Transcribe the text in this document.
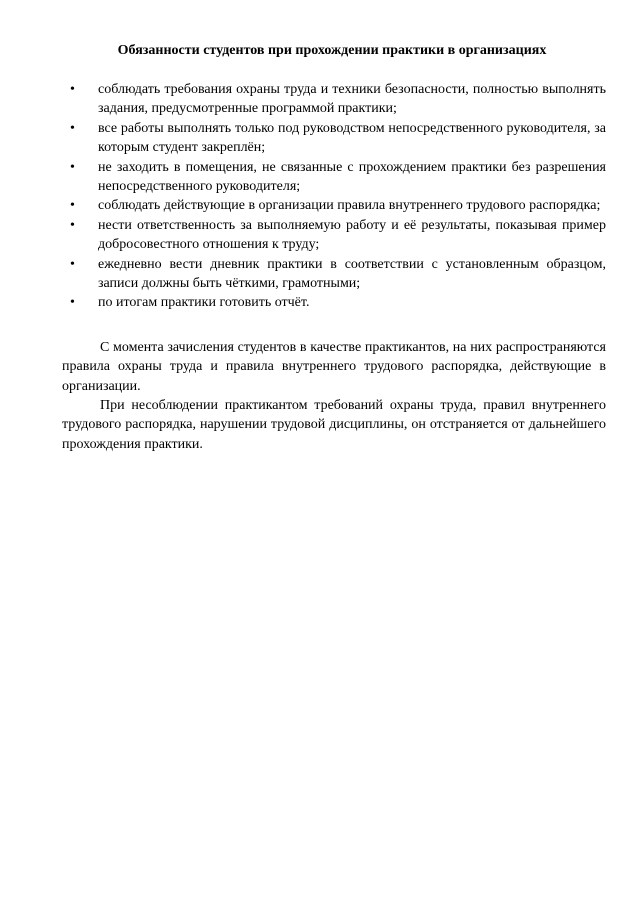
Обязанности студентов при прохождении практики в организациях
• соблюдать требования охраны труда и техники безопасности, полностью выполнять задания, предусмотренные программой практики;
• все работы выполнять только под руководством непосредственного руководителя, за которым студент закреплён;
• не заходить в помещения, не связанные с прохождением практики без разрешения непосредственного руководителя;
• соблюдать действующие в организации правила внутреннего трудового распорядка;
• нести ответственность за выполняемую работу и её результаты, показывая пример добросовестного отношения к труду;
• ежедневно вести дневник практики в соответствии с установленным образцом, записи должны быть чёткими, грамотными;
• по итогам практики готовить отчёт.

С момента зачисления студентов в качестве практикантов, на них распространяются правила охраны труда и правила внутреннего трудового распорядка, действующие в организации.

При несоблюдении практикантом требований охраны труда, правил внутреннего трудового распорядка, нарушении трудовой дисциплины, он отстраняется от дальнейшего прохождения практики.
